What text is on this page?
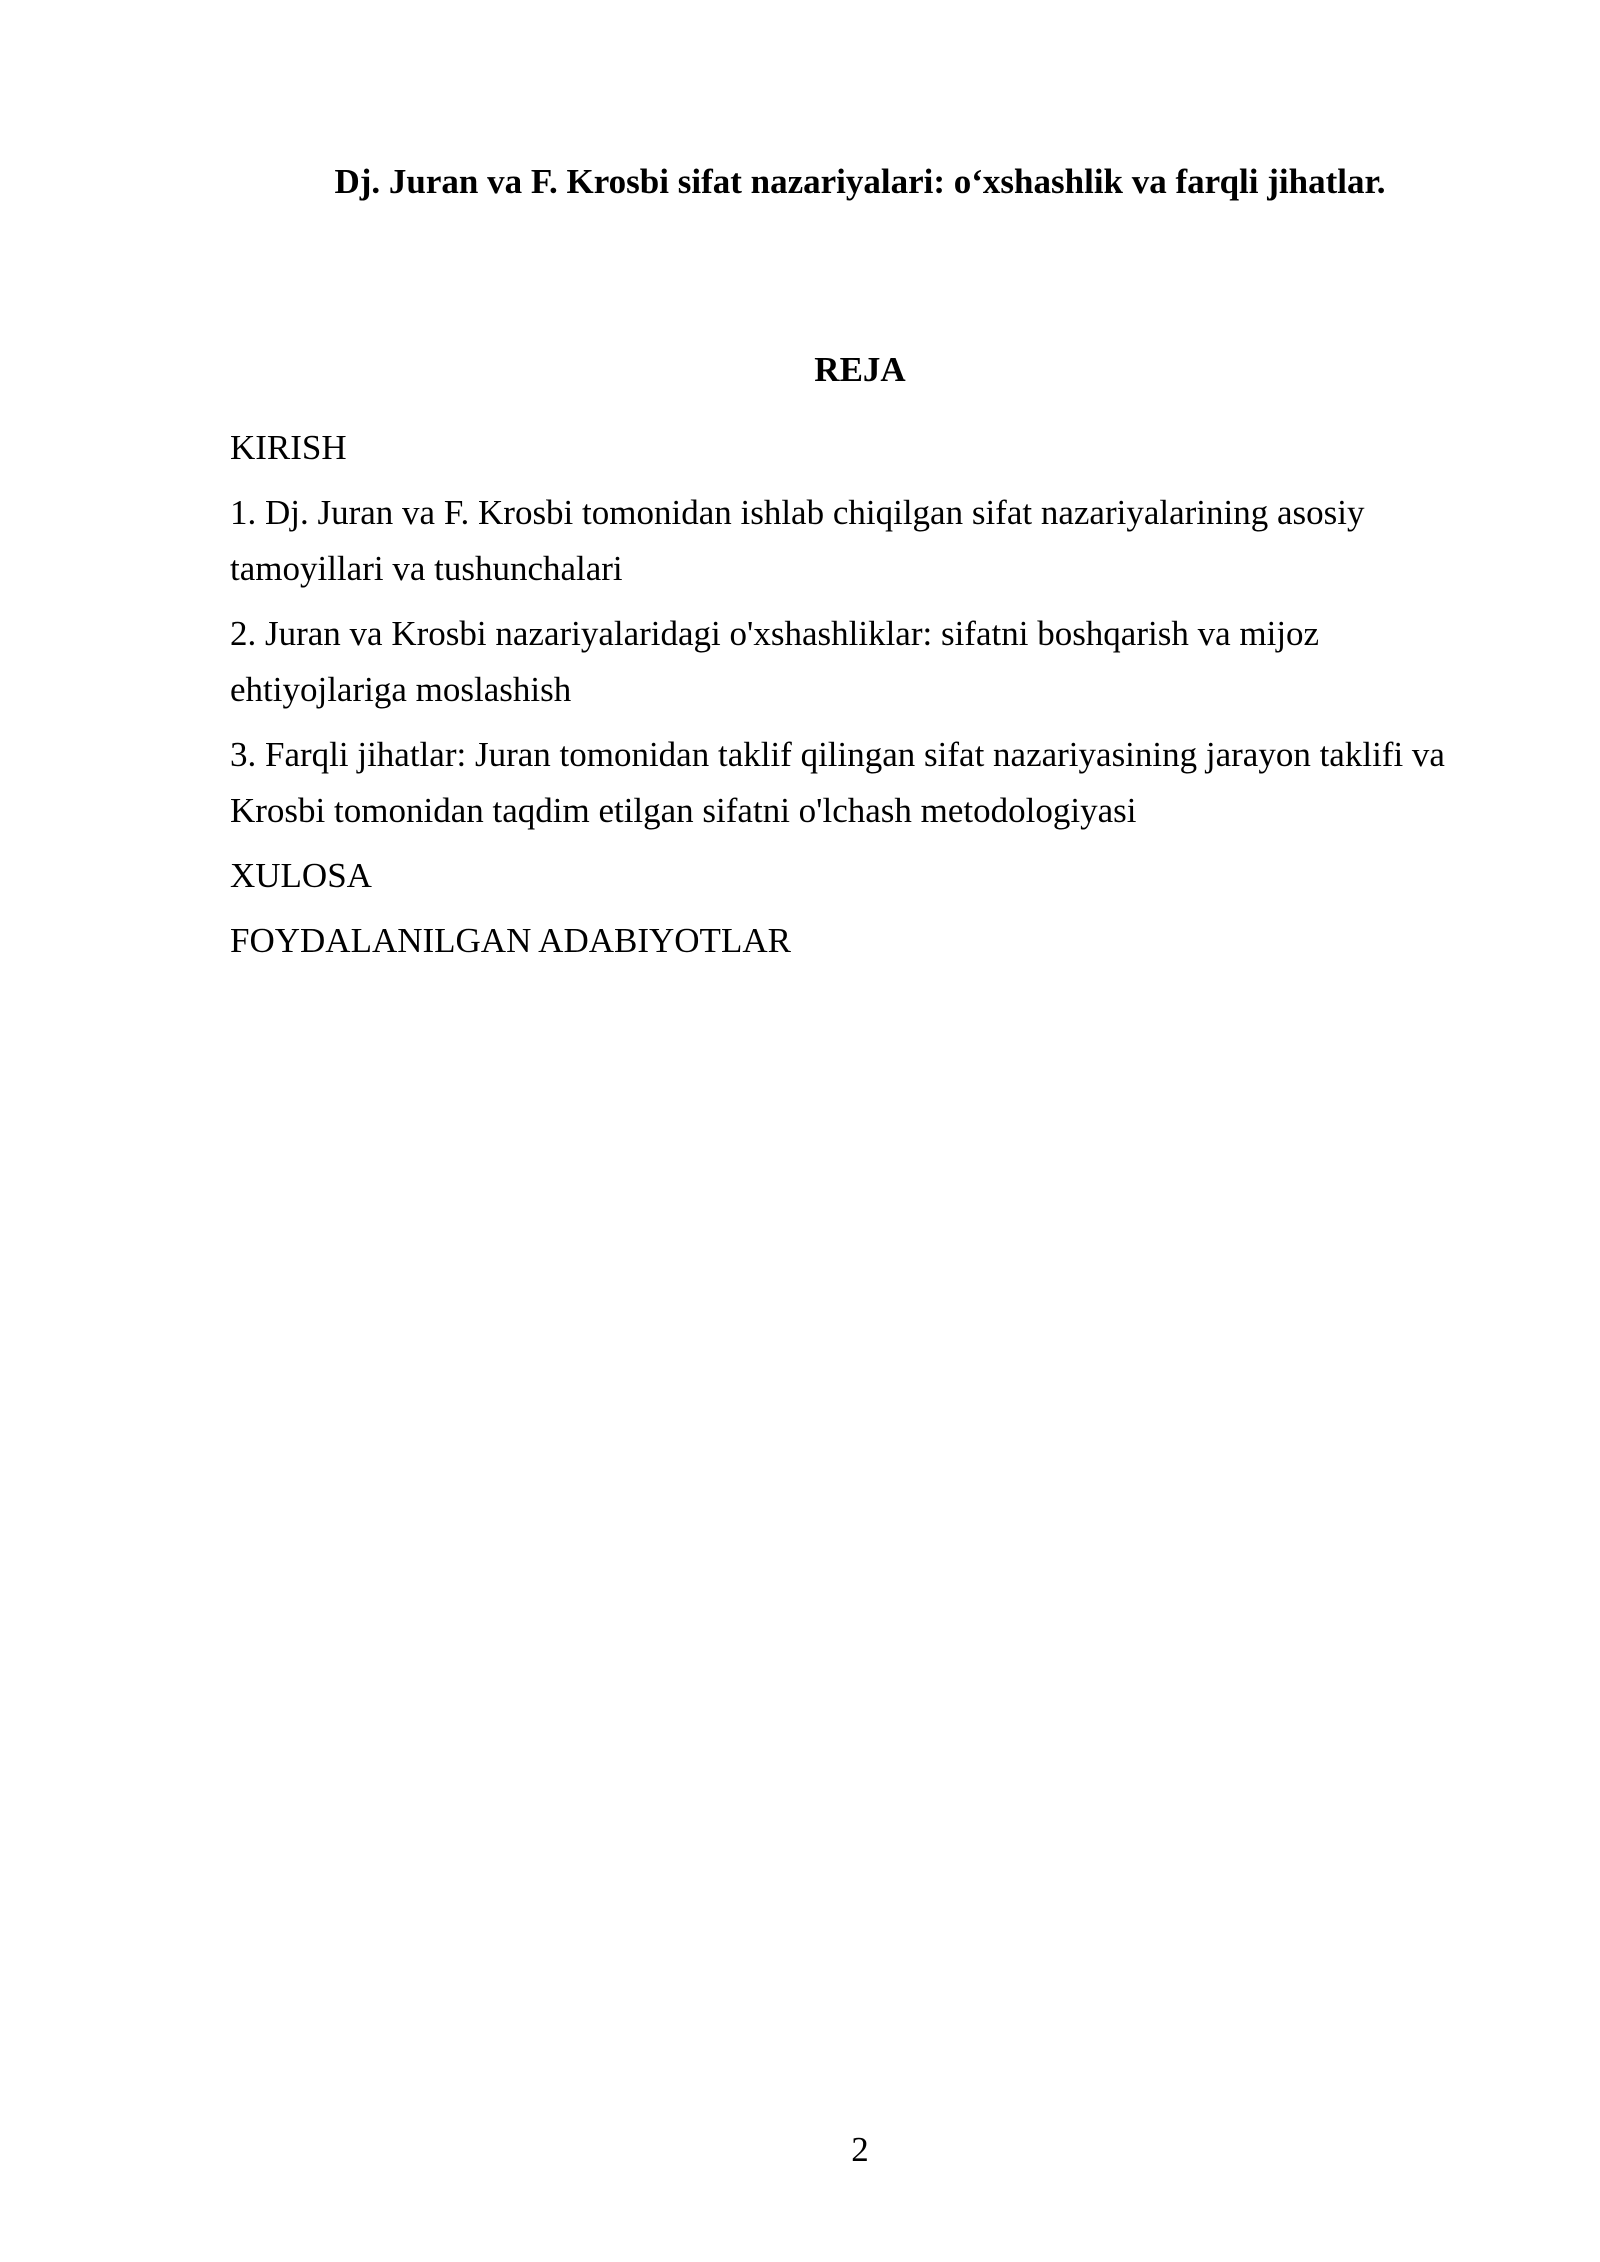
Dj. Juran va F. Krosbi sifat nazariyalari: o‘xshashlik va farqli jihatlar.
REJA
KIRISH
1. Dj. Juran va F. Krosbi tomonidan ishlab chiqilgan sifat nazariyalarining asosiy tamoyillari va tushunchalari
2. Juran va Krosbi nazariyalaridagi o'xshashliklar: sifatni boshqarish va mijoz ehtiyojlariga moslashish
3. Farqli jihatlar: Juran tomonidan taklif qilingan sifat nazariyasining jarayon taklifi va Krosbi tomonidan taqdim etilgan sifatni o'lchash metodologiyasi
XULOSA
FOYDALANILGAN ADABIYOTLAR
2
